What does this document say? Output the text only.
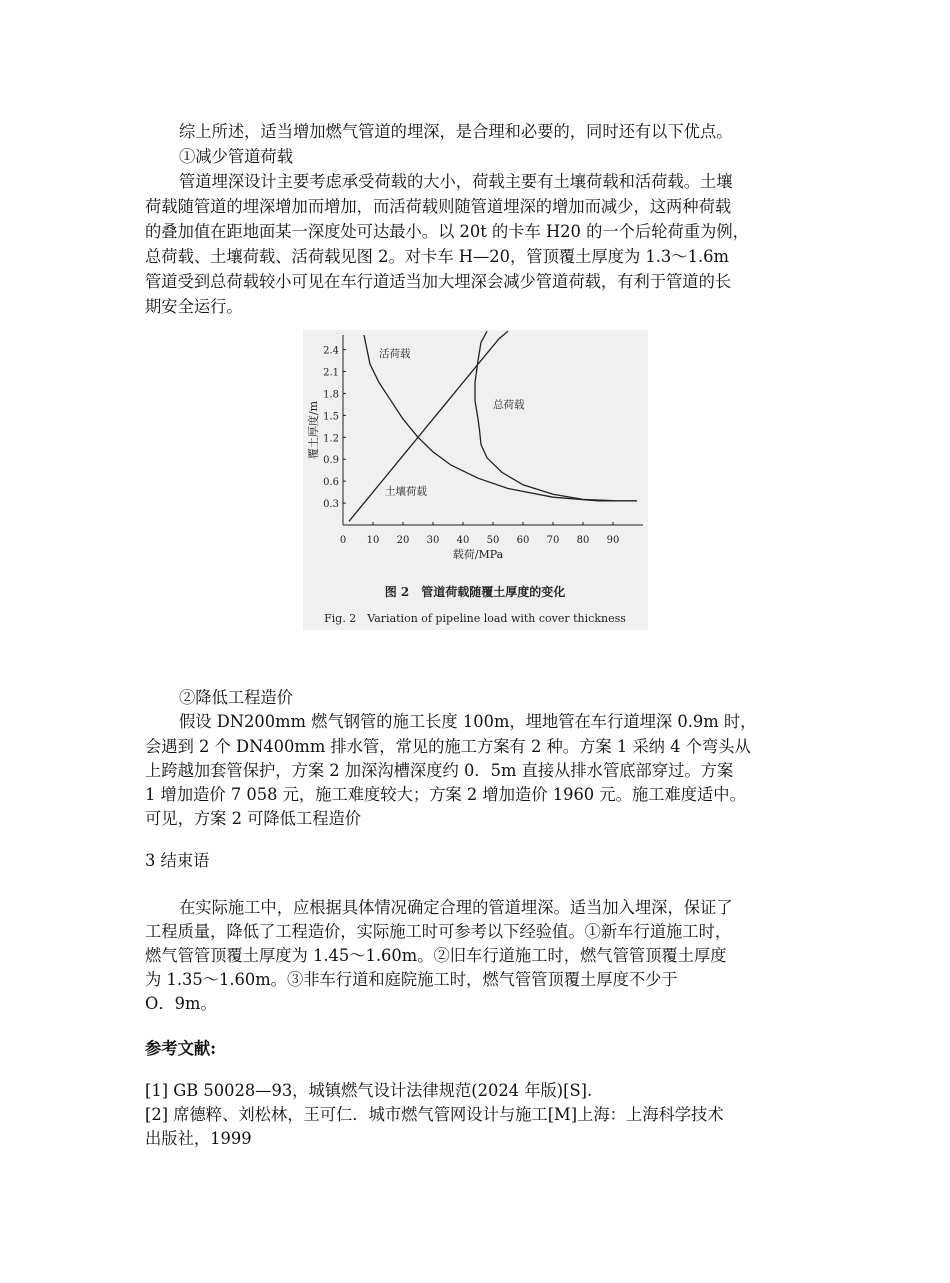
综上所述，适当增加燃气管道的埋深，是合理和必要的，同时还有以下优点。
①减少管道荷载
管道埋深设计主要考虑承受荷载的大小，荷载主要有土壤荷载和活荷载。土壤
荷载随管道的埋深增加而增加，而活荷载则随管道埋深的增加而减少，这两种荷载
的叠加值在距地面某一深度处可达最小。以 20t 的卡车 H20 的一个后轮荷重为例，
总荷载、土壤荷载、活荷载见图 2。对卡车 H—20，管顶覆土厚度为 1.3～1.6m
管道受到总荷载较小可见在车行道适当加大埋深会减少管道荷载，有利于管道的长
期安全运行。
0 10 20 30 40 50 60 70 80 90
0.3
0.6
0.9
1.2
1.5
1.8
2.1
2.4
载荷/MPa
覆土厚度/m
活荷载
总荷载
土壤荷载
图 2　管道荷载随覆土厚度的变化
Fig. 2　Variation of pipeline load with cover thickness
②降低工程造价
假设 DN200mm 燃气钢管的施工长度 100m，埋地管在车行道埋深 0.9m 时，
会遇到 2 个 DN400mm 排水管，常见的施工方案有 2 种。方案 1 采纳 4 个弯头从
上跨越加套管保护，方案 2 加深沟槽深度约 0．5m 直接从排水管底部穿过。方案
1 增加造价 7 058 元，施工难度较大；方案 2 增加造价 1960 元。施工难度适中。
可见，方案 2 可降低工程造价
3 结束语
在实际施工中，应根据具体情况确定合理的管道埋深。适当加入埋深，保证了
工程质量，降低了工程造价，实际施工时可参考以下经验值。①新车行道施工时，
燃气管管顶覆土厚度为 1.45～1.60m。②旧车行道施工时，燃气管管顶覆土厚度
为 1.35～1.60m。③非车行道和庭院施工时，燃气管管顶覆土厚度不少于
O．9m。
参考文献:
[1] GB 50028—93，城镇燃气设计法律规范(2024 年版)[S].
[2] 席德粹、刘松林，王可仁．城市燃气管网设计与施工[M]上海：上海科学技术
出版社，1999
